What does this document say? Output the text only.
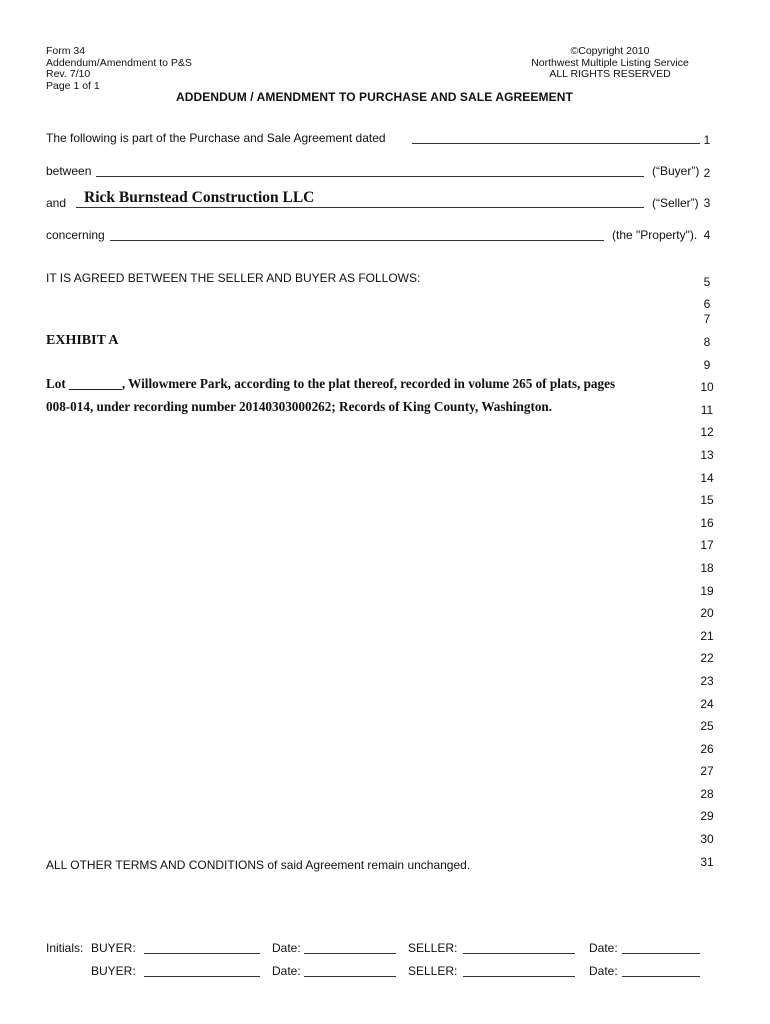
Form 34
Addendum/Amendment to P&S
Rev. 7/10
Page 1 of 1
©Copyright 2010
Northwest Multiple Listing Service
ALL RIGHTS RESERVED
ADDENDUM / AMENDMENT TO PURCHASE AND SALE AGREEMENT
The following is part of the Purchase and Sale Agreement dated
between	(“Buyer”)
and Rick Burnstead Construction LLC	(“Seller”)
concerning	(the "Property").
IT IS AGREED BETWEEN THE SELLER AND BUYER AS FOLLOWS:
EXHIBIT A
Lot ________, Willowmere Park, according to the plat thereof, recorded in volume 265 of plats, pages
008-014, under recording number 20140303000262; Records of King County, Washington.
ALL OTHER TERMS AND CONDITIONS of said Agreement remain unchanged.
1
2
3
4
5
6
7
8
9
10
11
12
13
14
15
16
17
18
19
20
21
22
23
24
25
26
27
28
29
30
31
Initials: BUYER:	Date:	SELLER:	Date:
BUYER:	Date:	SELLER:	Date:
